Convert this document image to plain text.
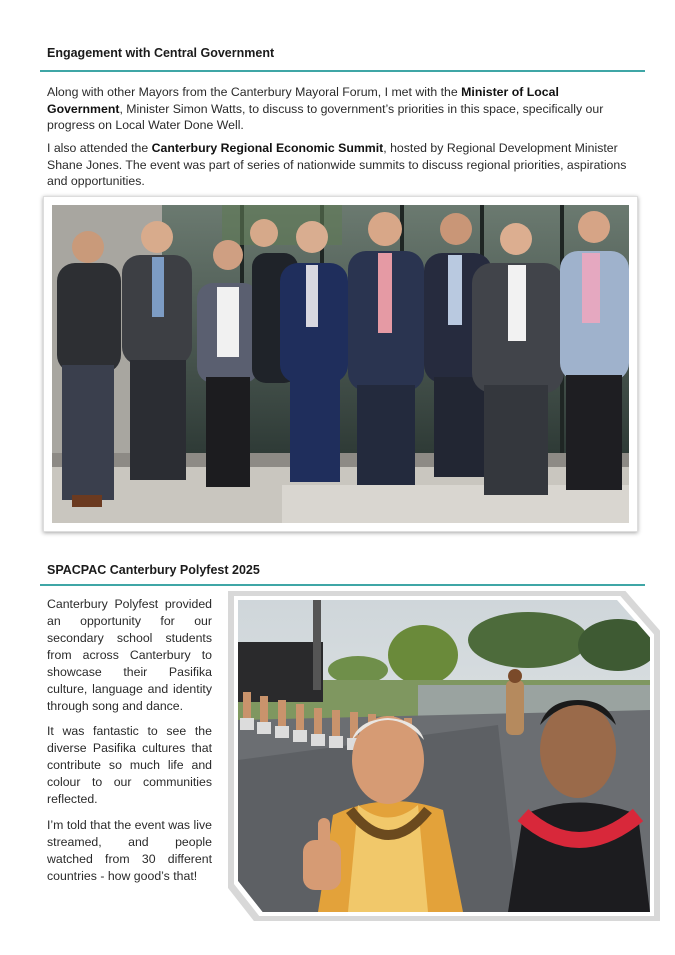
Engagement with Central Government
Along with other Mayors from the Canterbury Mayoral Forum, I met with the Minister of Local Government, Minister Simon Watts, to discuss to government’s priorities in this space, specifically our progress on Local Water Done Well.
I also attended the Canterbury Regional Economic Summit, hosted by Regional Development Minister Shane Jones. The event was part of series of nationwide summits to discuss regional priorities, aspirations and opportunities.
SPACPAC Canterbury Polyfest 2025
Canterbury Polyfest provided an opportunity for our secondary school students from across Canterbury to showcase their Pasifika culture, language and identity through song and dance.
It was fantastic to see the diverse Pasifika cultures that contribute so much life and colour to our communities reflected.
I’m told that the event was live streamed, and people watched from 30 different countries - how good’s that!
